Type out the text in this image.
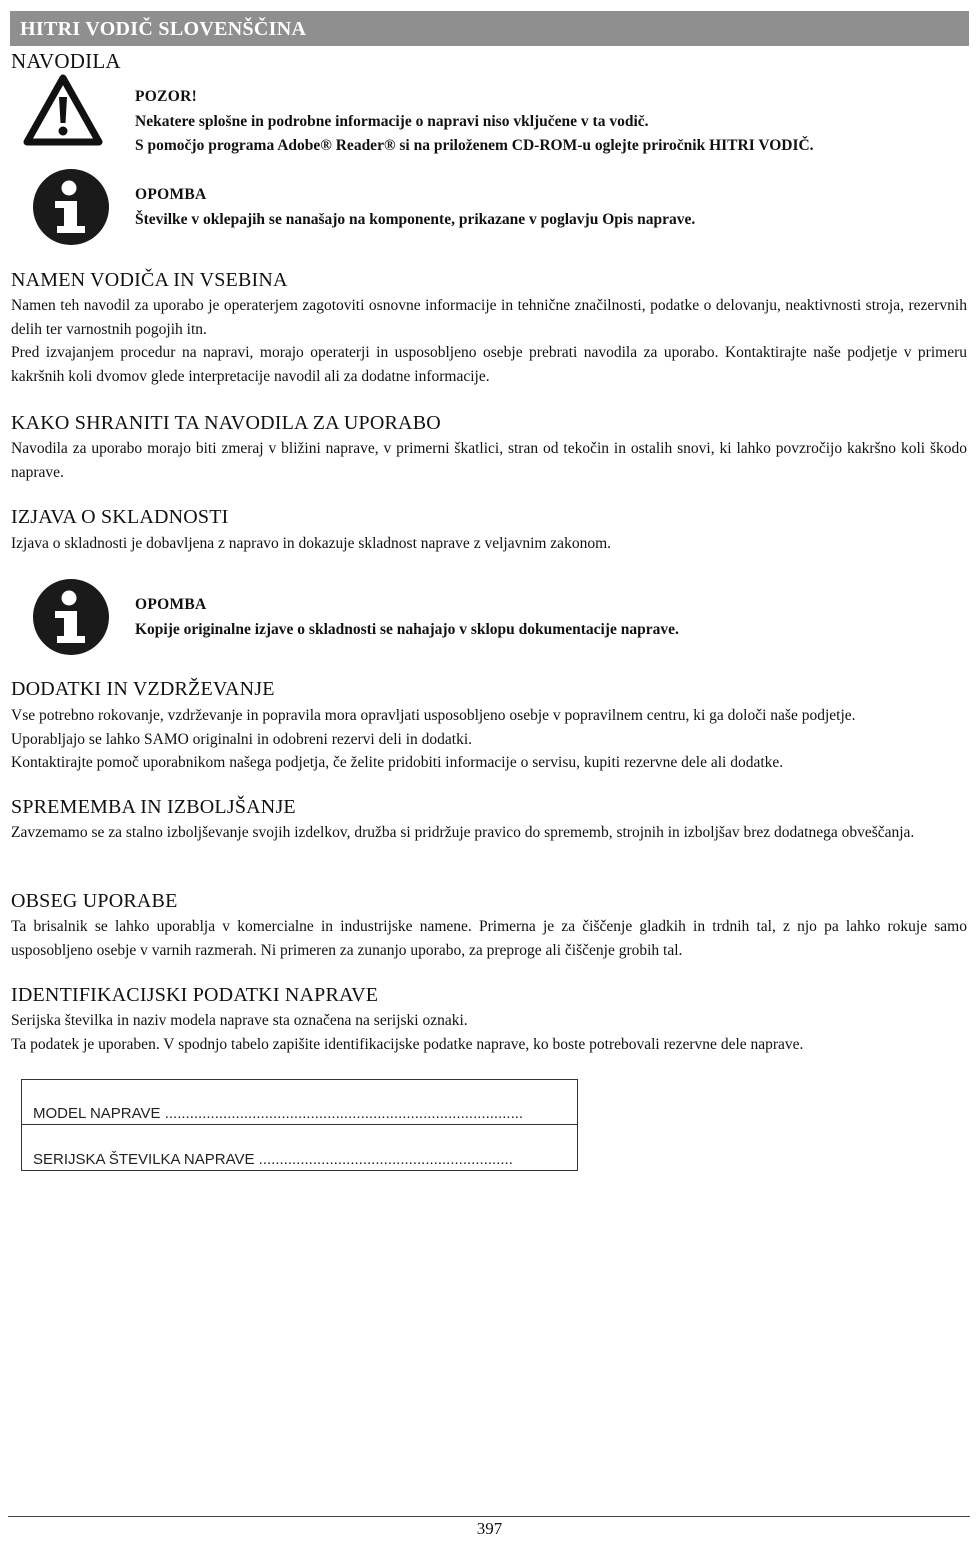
HITRI VODIČ SLOVENŠČINA
NAVODILA
POZOR!

Nekatere splošne in podrobne informacije o napravi niso vključene v ta vodič.

S pomočjo programa Adobe® Reader® si na priloženem CD-ROM-u oglejte priročnik HITRI VODIČ.

OPOMBA
Številke v oklepajih se nanašajo na komponente, prikazane v poglavju Opis naprave.
NAMEN VODIČA IN VSEBINA

Namen teh navodil za uporabo je operaterjem zagotoviti osnovne informacije in tehnične značilnosti, podatke o delovanju, neaktivnosti stroja, rezervnih delih ter varnostnih pogojih itn.

Pred izvajanjem procedur na napravi, morajo operaterji in usposobljeno osebje prebrati navodila za uporabo. Kontaktirajte naše podjetje v primeru kakršnih koli dvomov glede interpretacije navodil ali za dodatne informacije.

KAKO SHRANITI TA NAVODILA ZA UPORABO

Navodila za uporabo morajo biti zmeraj v bližini naprave, v primerni škatlici, stran od tekočin in ostalih snovi, ki lahko povzročijo kakršno koli škodo naprave.

IZJAVA O SKLADNOSTI

Izjava o skladnosti je dobavljena z napravo in dokazuje skladnost naprave z veljavnim zakonom.

OPOMBA
Kopije originalne izjave o skladnosti se nahajajo v sklopu dokumentacije naprave.
DODATKI IN VZDRŽEVANJE

Vse potrebno rokovanje, vzdrževanje in popravila mora opravljati usposobljeno osebje v popravilnem centru, ki ga določi naše podjetje.

Uporabljajo se lahko SAMO originalni in odobreni rezervi deli in dodatki.

Kontaktirajte pomoč uporabnikom našega podjetja, če želite pridobiti informacije o servisu, kupiti rezervne dele ali dodatke.

SPREMEMBA IN IZBOLJŠANJE

Zavzemamo se za stalno izboljševanje svojih izdelkov, družba si pridržuje pravico do sprememb, strojnih in izboljšav brez dodatnega obveščanja.

OBSEG UPORABE

Ta brisalnik se lahko uporablja v komercialne in industrijske namene. Primerna je za čiščenje gladkih in trdnih tal, z njo pa lahko rokuje samo usposobljeno osebje v varnih razmerah. Ni primeren za zunanjo uporabo, za preproge ali čiščenje grobih tal.

IDENTIFIKACIJSKI PODATKI NAPRAVE

Serijska številka in naziv modela naprave sta označena na serijski oznaki.

Ta podatek je uporaben. V spodnjo tabelo zapišite identifikacijske podatke naprave, ko boste potrebovali rezervne dele naprave.

MODEL NAPRAVE ......................................................................................
SERIJSKA ŠTEVILKA NAPRAVE .............................................................
397
